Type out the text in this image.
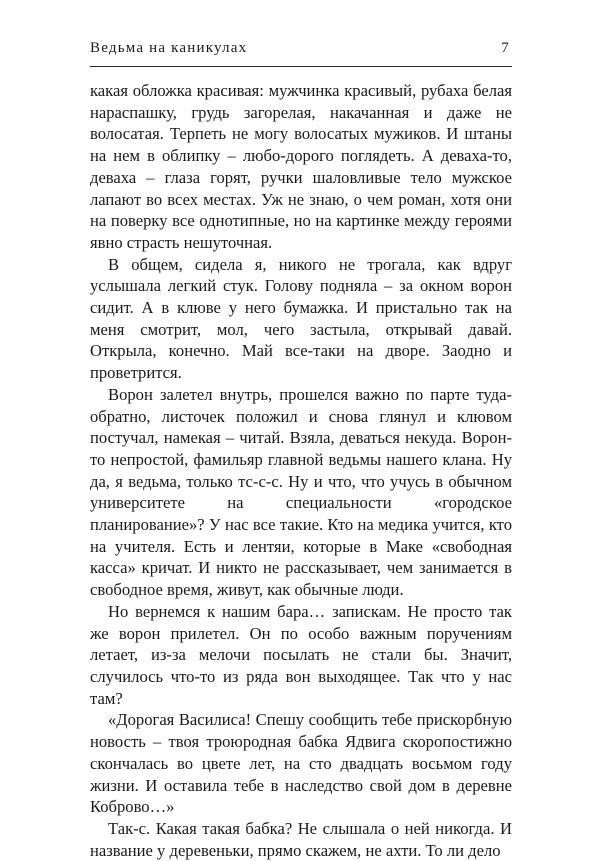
Ведьма на каникулах	7

какая обложка красивая: мужчинка красивый, рубаха белая нараспашку, грудь загорелая, накачанная и даже не волосатая. Терпеть не могу волосатых мужиков. И штаны на нем в облипку – любо-дорого поглядеть. А деваха-то, деваха – глаза горят, ручки шаловливые тело мужское лапают во всех местах. Уж не знаю, о чем роман, хотя они на поверку все однотипные, но на картинке между героями явно страсть нешуточная.

В общем, сидела я, никого не трогала, как вдруг услышала легкий стук. Голову подняла – за окном ворон сидит. А в клюве у него бумажка. И пристально так на меня смотрит, мол, чего застыла, открывай давай. Открыла, конечно. Май все-таки на дворе. Заодно и проветрится.

Ворон залетел внутрь, прошелся важно по парте туда-обратно, листочек положил и снова глянул и клювом постучал, намекая – читай. Взяла, деваться некуда. Ворон-то непростой, фамильяр главной ведьмы нашего клана. Ну да, я ведьма, только тс-с-с. Ну и что, что учусь в обычном университете на специальности «городское планирование»? У нас все такие. Кто на медика учится, кто на учителя. Есть и лентяи, которые в Маке «свободная касса» кричат. И никто не рассказывает, чем занимается в свободное время, живут, как обычные люди.

Но вернемся к нашим бара… запискам. Не просто так же ворон прилетел. Он по особо важным поручениям летает, из-за мелочи посылать не стали бы. Значит, случилось что-то из ряда вон выходящее. Так что у нас там?

«Дорогая Василиса! Спешу сообщить тебе прискорбную новость – твоя троюродная бабка Ядвига скоропостижно скончалась во цвете лет, на сто двадцать восьмом году жизни. И оставила тебе в наследство свой дом в деревне Коброво…»

Так-с. Какая такая бабка? Не слышала о ней никогда. И название у деревеньки, прямо скажем, не ахти. То ли дело
